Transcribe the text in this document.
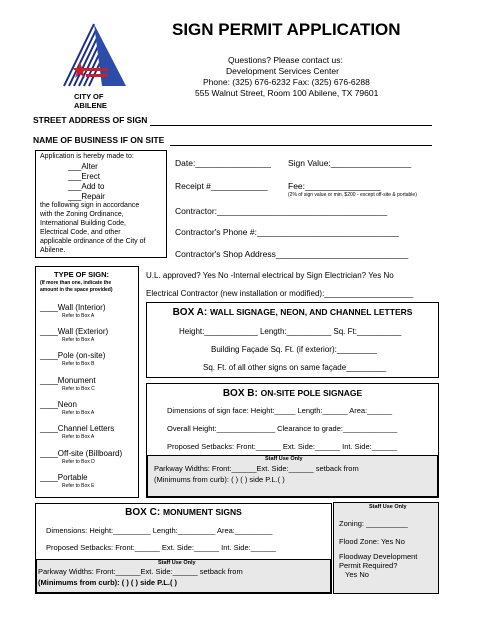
CITY OF
ABILENE
SIGN PERMIT APPLICATION
Questions? Please contact us:
Development Services Center
Phone: (325) 676-6232 Fax: (325) 676-6288
555 Walnut Street, Room 100 Abilene, TX 79601
STREET ADDRESS OF SIGN
NAME OF BUSINESS IF ON SITE
Application is hereby made to:
___Alter
___Erect
___Add to
___Repair
the following sign in accordance
with the Zoning Ordinance,
International Building Code,
Electrical Code, and other
applicable ordinance of the City of
Abilene.
Date:________________ Sign Value:_________________
Receipt #____________ Fee:________________
(2% of sign value or min. $200 - except off-site & portable)
Contractor:____________________________________
Contractor's Phone #:______________________________
Contractor's Shop Address____________________________
TYPE OF SIGN:
(If more than one, indicate the
amount in the space provided)
____Wall (Interior)
Refer to Box A
____Wall (Exterior)
Refer to Box A
____Pole (on-site)
Refer to Box B
____Monument
Refer to Box C
____Neon
Refer to Box A
____Channel Letters
Refer to Box A
____Off-site (Billboard)
Refer to Box D
____Portable
Refer to Box E
U.L. approved? Yes No -Internal electrical by Sign Electrician? Yes No
Electrical Contractor (new installation or modified):____________________
BOX A: WALL SIGNAGE, NEON, AND CHANNEL LETTERS
Height:____________ Length:__________ Sq. Ft:__________
Building Façade Sq. Ft. (if exterior):_________
Sq. Ft. of all other signs on same façade_________
BOX B: ON-SITE POLE SIGNAGE
Dimensions of sign face: Height:_____ Length:______ Area:______
Overall Height:______________ Clearance to grade:_____________
Proposed Setbacks: Front:______ Ext. Side:______ Int. Side:______
Staff Use Only
Parkway Widths: Front:______Ext. Side:______ setback from
(Minimums from curb): ( ) ( ) side P.L.( )
BOX C: MONUMENT SIGNS
Dimensions: Height:_________ Length:_________ Area:_________
Proposed Setbacks: Front:______ Ext. Side:______ Int. Side:______
Staff Use Only
Parkway Widths: Front:______Ext. Side:______ setback from
(Minimums from curb): ( ) ( ) side P.L.( )
Staff Use Only
Zoning: __________
Flood Zone: Yes No
Floodway Development
Permit Required?
Yes No
